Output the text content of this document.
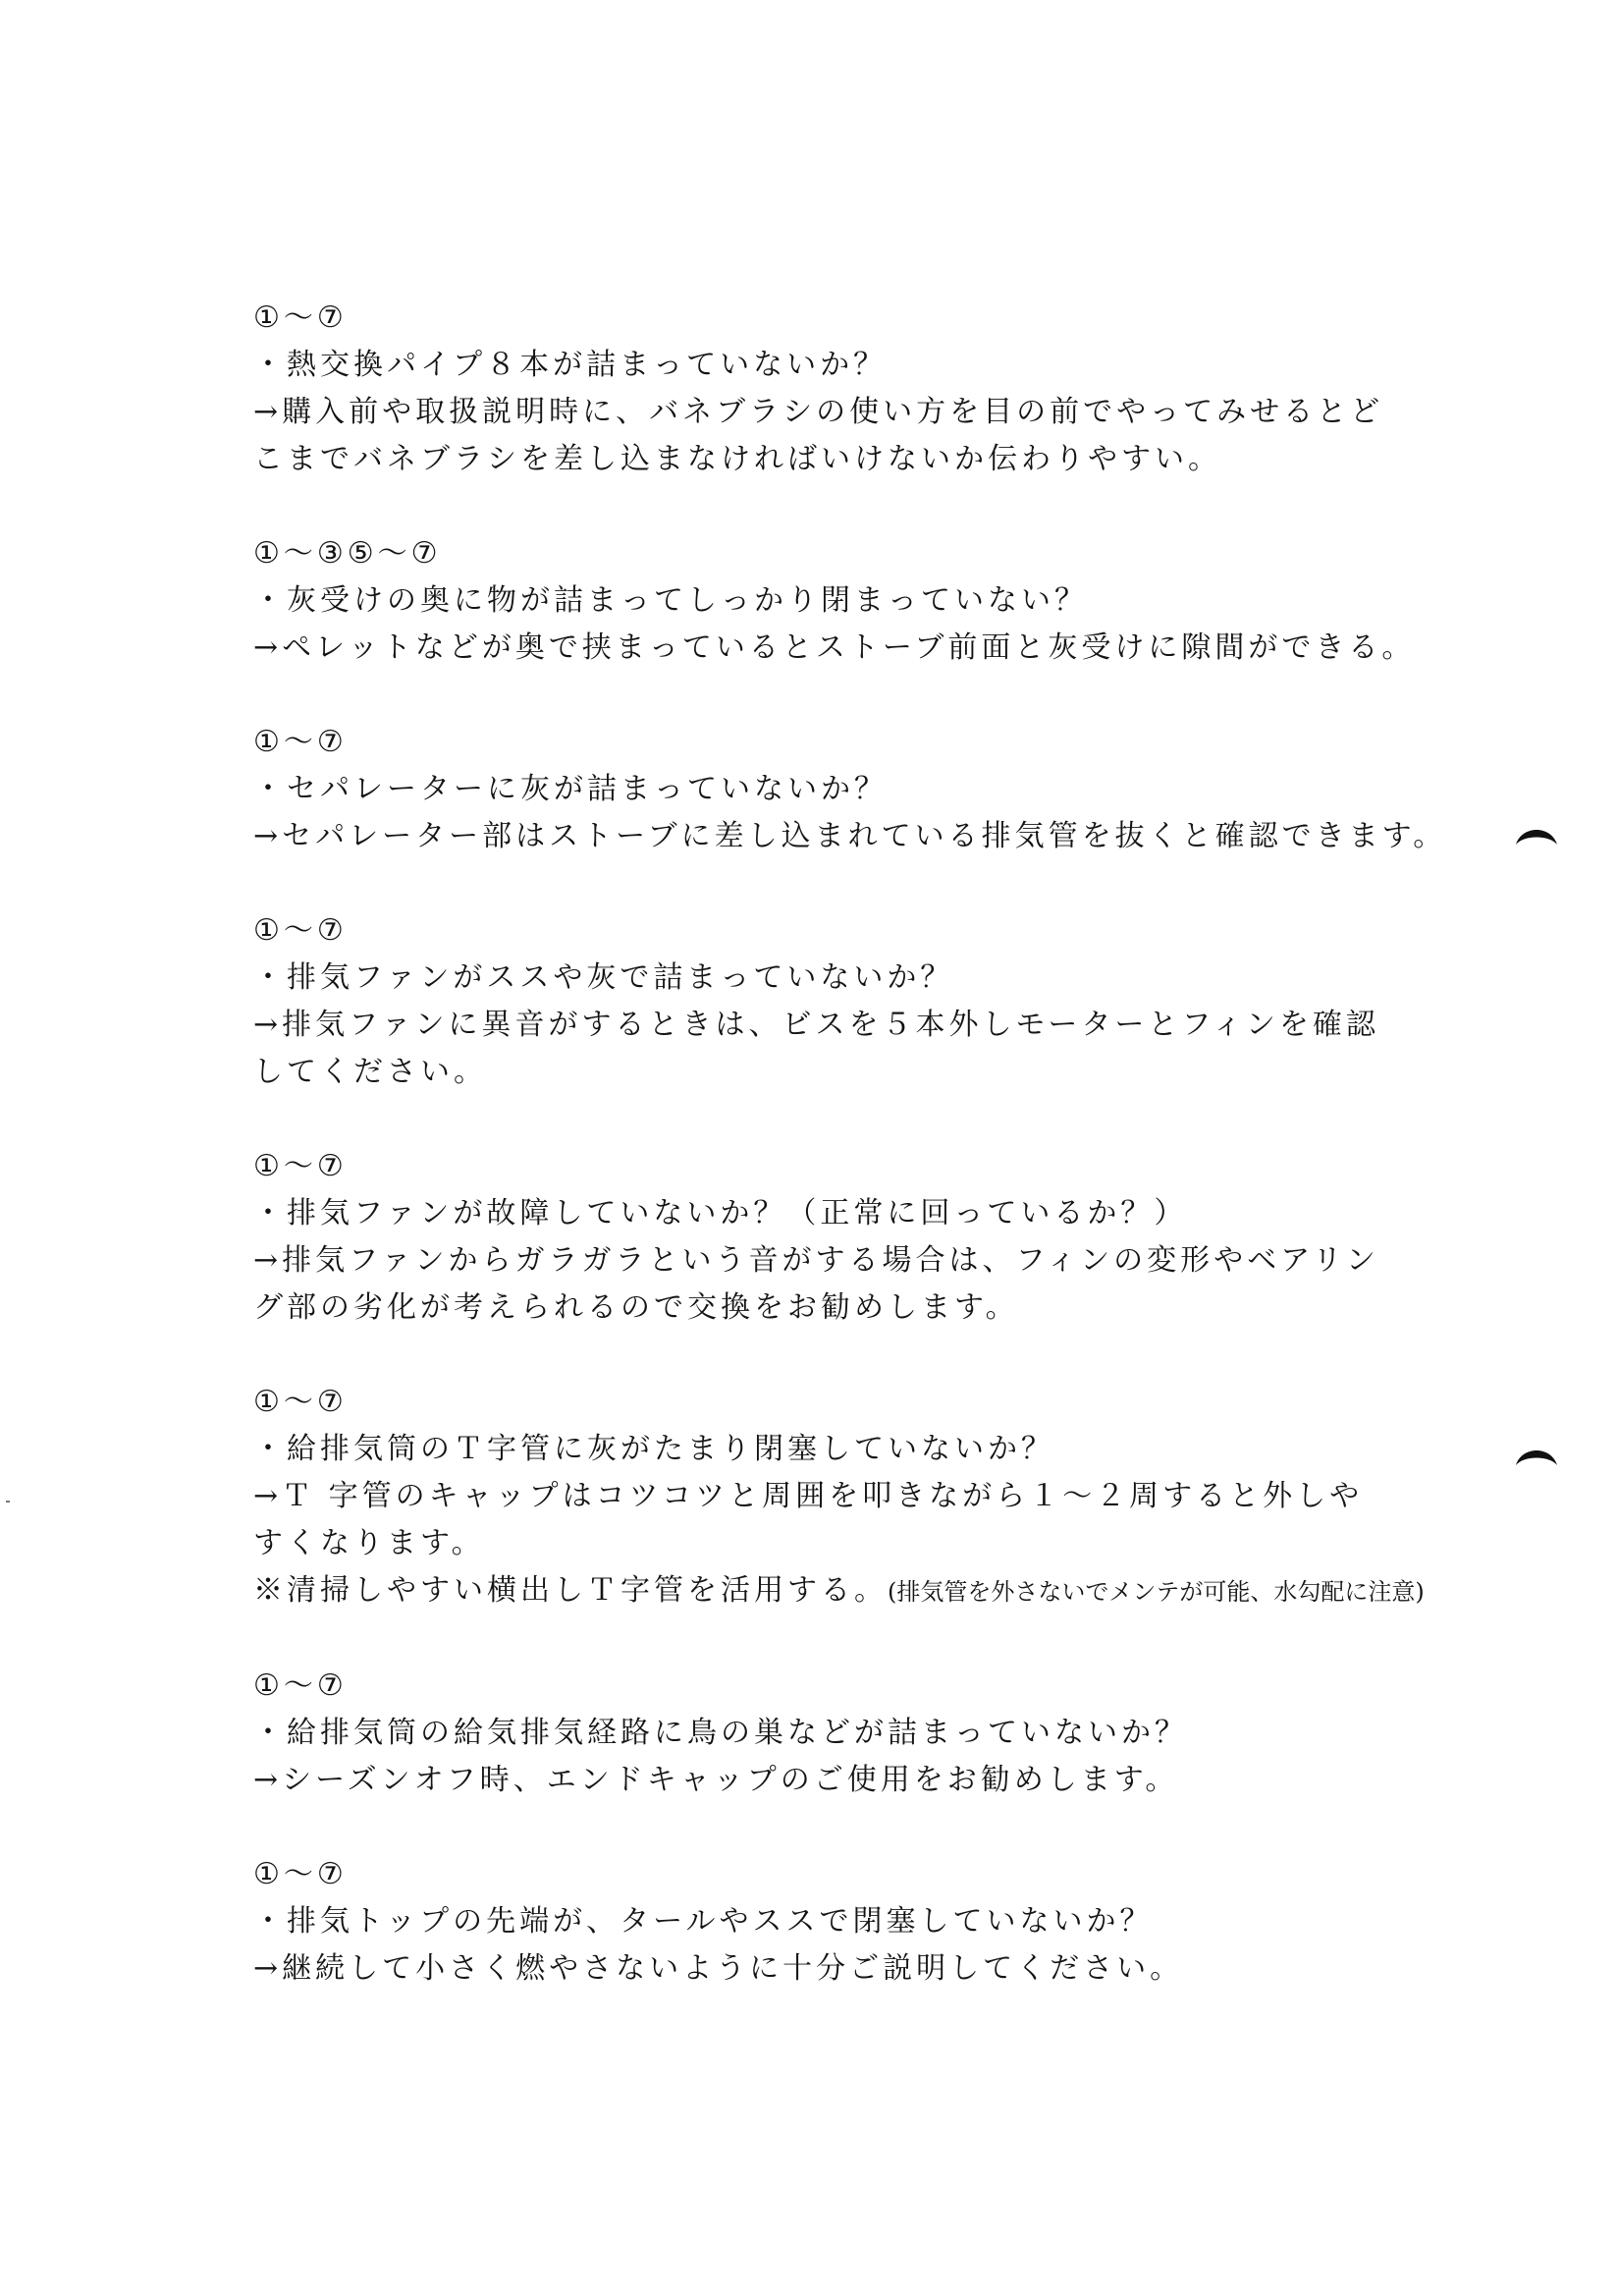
①〜⑦
・熱交換パイプ８本が詰まっていないか？
→購入前や取扱説明時に、バネブラシの使い方を目の前でやってみせるとどこまでバネブラシを差し込まなければいけないか伝わりやすい。
①〜③⑤〜⑦
・灰受けの奥に物が詰まってしっかり閉まっていない？
→ペレットなどが奥で挟まっているとストーブ前面と灰受けに隙間ができる。
①〜⑦
・セパレーターに灰が詰まっていないか？
→セパレーター部はストーブに差し込まれている排気管を抜くと確認できます。
①〜⑦
・排気ファンがススや灰で詰まっていないか？
→排気ファンに異音がするときは、ビスを５本外しモーターとフィンを確認してください。
①〜⑦
・排気ファンが故障していないか？（正常に回っているか？）
→排気ファンからガラガラという音がする場合は、フィンの変形やベアリング部の劣化が考えられるので交換をお勧めします。
①〜⑦
・給排気筒のＴ字管に灰がたまり閉塞していないか？
→Ｔ 字管のキャップはコツコツと周囲を叩きながら１〜２周すると外しやすくなります。
※清掃しやすい横出しＴ字管を活用する。(排気管を外さないでメンテが可能、水勾配に注意)
①〜⑦
・給排気筒の給気排気経路に鳥の巣などが詰まっていないか？
→シーズンオフ時、エンドキャップのご使用をお勧めします。
①〜⑦
・排気トップの先端が、タールやススで閉塞していないか？
→継続して小さく燃やさないように十分ご説明してください。
